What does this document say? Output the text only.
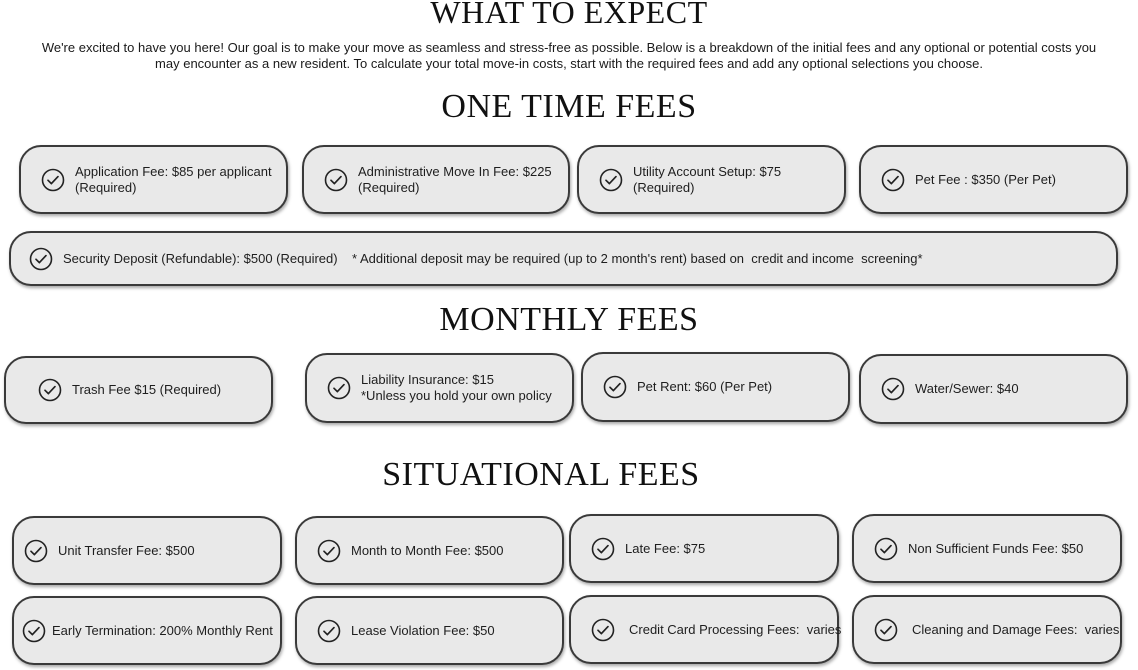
WHAT TO EXPECT

We're excited to have you here! Our goal is to make your move as seamless and stress-free as possible. Below is a breakdown of the initial fees and any optional or potential costs you
may encounter as a new resident. To calculate your total move-in costs, start with the required fees and add any optional selections you choose.

ONE TIME FEES
Application Fee: $85 per applicant
(Required)
Administrative Move In Fee: $225
(Required)
Utility Account Setup: $75
(Required)
Pet Fee : $350 (Per Pet)
Security Deposit (Refundable): $500 (Required)    * Additional deposit may be required (up to 2 month's rent) based on  credit and income  screening*
MONTHLY FEES
Trash Fee $15 (Required)
Liability Insurance: $15
*Unless you hold your own policy
Pet Rent: $60 (Per Pet)	Water/Sewer: $40
SITUATIONAL FEES
Unit Transfer Fee: $500	Month to Month Fee: $500	Late Fee: $75	Non Sufficient Funds Fee: $50
Early Termination: 200% Monthly Rent	Lease Violation Fee: $50	Credit Card Processing Fees:  varies	Cleaning and Damage Fees:  varies
